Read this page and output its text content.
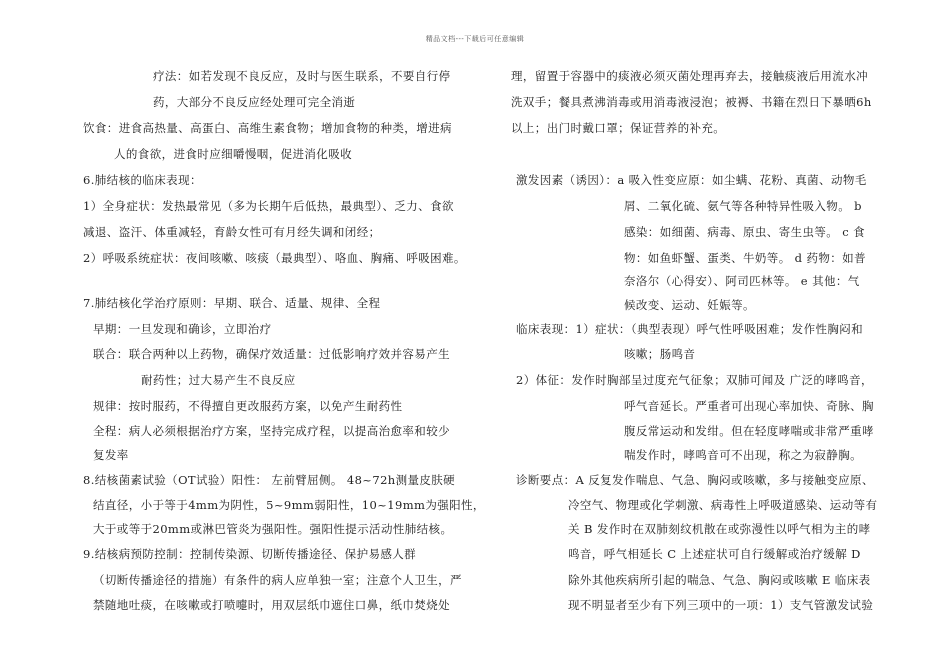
精品文档---下载后可任意编辑

疗法：如若发现不良反应，及时与医生联系，不要自行停

药，大部分不良反应经处理可完全消逝

饮食：进食高热量、高蛋白、高维生素食物；增加食物的种类，增进病

人的食欲，进食时应细嚼慢咽，促进消化吸收

6.肺结核的临床表现：

1）全身症状：发热最常见（多为长期午后低热，最典型）、乏力、食欲

减退、盗汗、体重减轻，育龄女性可有月经失调和闭经；

2）呼吸系统症状：夜间咳嗽、咳痰（最典型）、咯血、胸痛、呼吸困难。

7.肺结核化学治疗原则：早期、联合、适量、规律、全程

早期：一旦发现和确诊，立即治疗

联合：联合两种以上药物，确保疗效适量：过低影响疗效并容易产生

耐药性；过大易产生不良反应

规律：按时服药，不得擅自更改服药方案，以免产生耐药性

全程：病人必须根据治疗方案，坚持完成疗程，以提高治愈率和较少

复发率

8.结核菌素试验（OT试验）阳性： 左前臂屈侧。 48~72h测量皮肤硬

结直径，小于等于4mm为阴性，5~9mm弱阳性，10~19mm为强阳性，

大于或等于20mm或淋巴管炎为强阳性。强阳性提示活动性肺结核。

9.结核病预防控制：控制传染源、切断传播途径、保护易感人群

（切断传播途径的措施）有条件的病人应单独一室；注意个人卫生，严

禁随地吐痰，在咳嗽或打喷嚏时，用双层纸巾遮住口鼻，纸巾焚烧处

理，留置于容器中的痰液必须灭菌处理再弃去，接触痰液后用流水冲

洗双手；餐具煮沸消毒或用消毒液浸泡；被褥、书籍在烈日下暴晒6h

以上；出门时戴口罩；保证营养的补充。

激发因素（诱因）：a 吸入性变应原：如尘螨、花粉、真菌、动物毛

屑、二氧化硫、氨气等各种特异性吸入物。 b

感染：如细菌、病毒、原虫、寄生虫等。 c 食

物：如鱼虾蟹、蛋类、牛奶等。 d 药物：如普

奈洛尔（心得安）、阿司匹林等。 e 其他：气

候改变、运动、妊娠等。

临床表现：1）症状：（典型表现）呼气性呼吸困难；发作性胸闷和

咳嗽；肠鸣音

2）体征：发作时胸部呈过度充气征象；双肺可闻及 广泛的哮鸣音，

呼气音延长。严重者可出现心率加快、奇脉、胸

腹反常运动和发绀。但在轻度哮喘或非常严重哮

喘发作时，哮鸣音可不出现，称之为寂静胸。

诊断要点：A 反复发作喘息、气急、胸闷或咳嗽，多与接触变应原、

冷空气、物理或化学刺激、病毒性上呼吸道感染、运动等有

关 B 发作时在双肺刻纹机散在或弥漫性以呼气相为主的哮

鸣音，呼气相延长 C 上述症状可自行缓解或治疗缓解 D

除外其他疾病所引起的喘急、气急、胸闷或咳嗽 E 临床表

现不明显者至少有下列三项中的一项：1）支气管激发试验
